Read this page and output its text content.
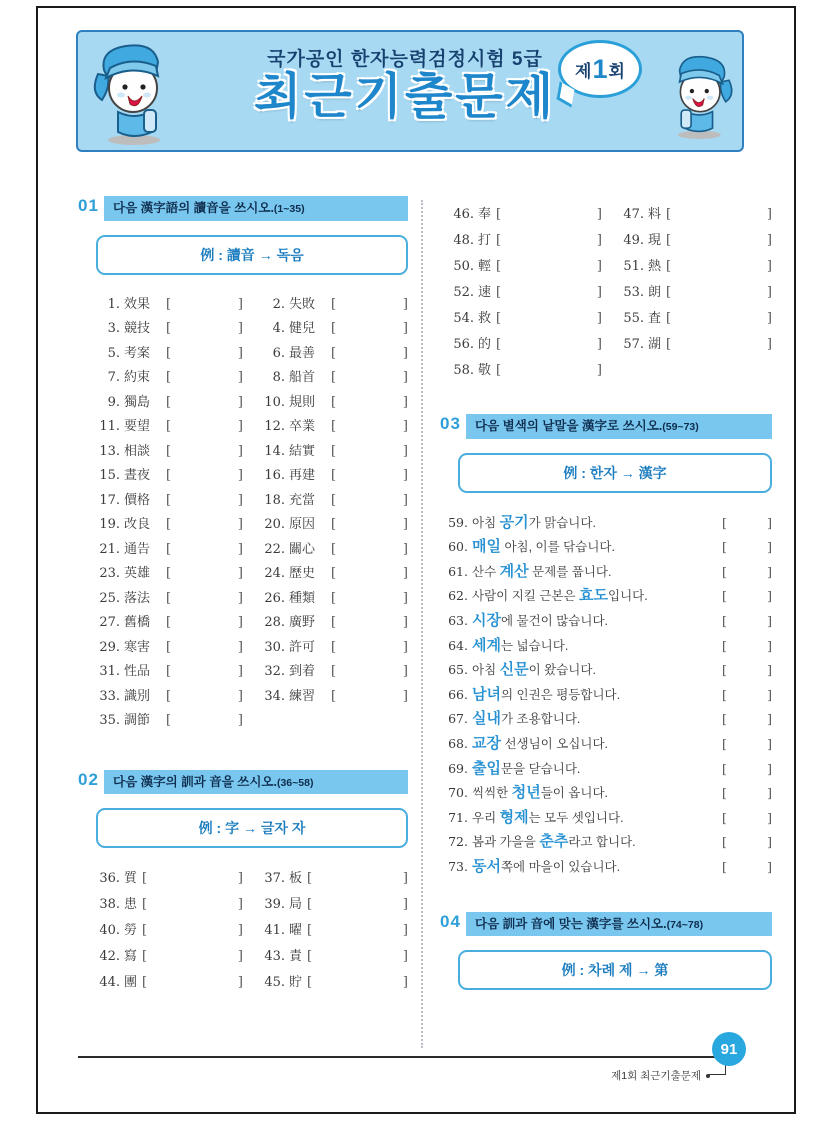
국가공인 한자능력검정시험 5급
최근기출문제	제 1 회
01	다음 漢字語의 讀音을 쓰시오.(1~35)
例 : 讀音 → 독음
1. 效果	[	]	2. 失敗	[	]
3. 競技	[	]	4. 健兒	[	]
5. 考案	[	]	6. 最善	[	]
7. 約束	[	]	8. 船首	[	]
9. 獨島	[	]	10. 規則	[	]
11. 要望	[	]	12. 卒業	[	]
13. 相談	[	]	14. 結實	[	]
15. 晝夜	[	]	16. 再建	[	]
17. 價格	[	]	18. 充當	[	]
19. 改良	[	]	20. 原因	[	]
21. 通告	[	]	22. 關心	[	]
23. 英雄	[	]	24. 歷史	[	]
25. 落法	[	]	26. 種類	[	]
27. 舊橋	[	]	28. 廣野	[	]
29. 寒害	[	]	30. 許可	[	]
31. 性品	[	]	32. 到着	[	]
33. 識別	[	]	34. 練習	[	]
35. 調節	[	]
02	다음 漢字의 訓과 音을 쓰시오.(36~58)
例 : 字 → 글자 자
36. 質 [	]	37. 板 [	]
38. 患 [	]	39. 局 [	]
40. 勞 [	]	41. 曜 [	]
42. 寫 [	]	43. 責 [	]
44. 團 [	]	45. 貯 [	]
46. 奉 [	]	47. 料 [	]
48. 打 [	]	49. 現 [	]
50. 輕 [	]	51. 熱 [	]
52. 速 [	]	53. 朗 [	]
54. 救 [	]	55. 査 [	]
56. 的 [	]	57. 湖 [	]
58. 敬 [	]
03	다음 별색의 낱말을 漢字로 쓰시오.(59~73)
例 : 한자 → 漢字
59. 아침 공기가 맑습니다.	[	]
60. 매일 아침, 이를 닦습니다.	[	]
61. 산수 계산 문제를 풉니다.	[	]
62. 사람이 지킬 근본은 효도입니다.	[	]
63. 시장에 물건이 많습니다.	[	]
64. 세계는 넓습니다.	[	]
65. 아침 신문이 왔습니다.	[	]
66. 남녀의 인권은 평등합니다.	[	]
67. 실내가 조용합니다.	[	]
68. 교장 선생님이 오십니다.	[	]
69. 출입문을 닫습니다.	[	]
70. 씩씩한 청년들이 옵니다.	[	]
71. 우리 형제는 모두 셋입니다.	[	]
72. 봄과 가을을 춘추라고 합니다.	[	]
73. 동서쪽에 마을이 있습니다.	[	]
04	다음 訓과 音에 맞는 漢字를 쓰시오.(74~78)
例 : 차례 제 → 第
91
제1회 최근기출문제
